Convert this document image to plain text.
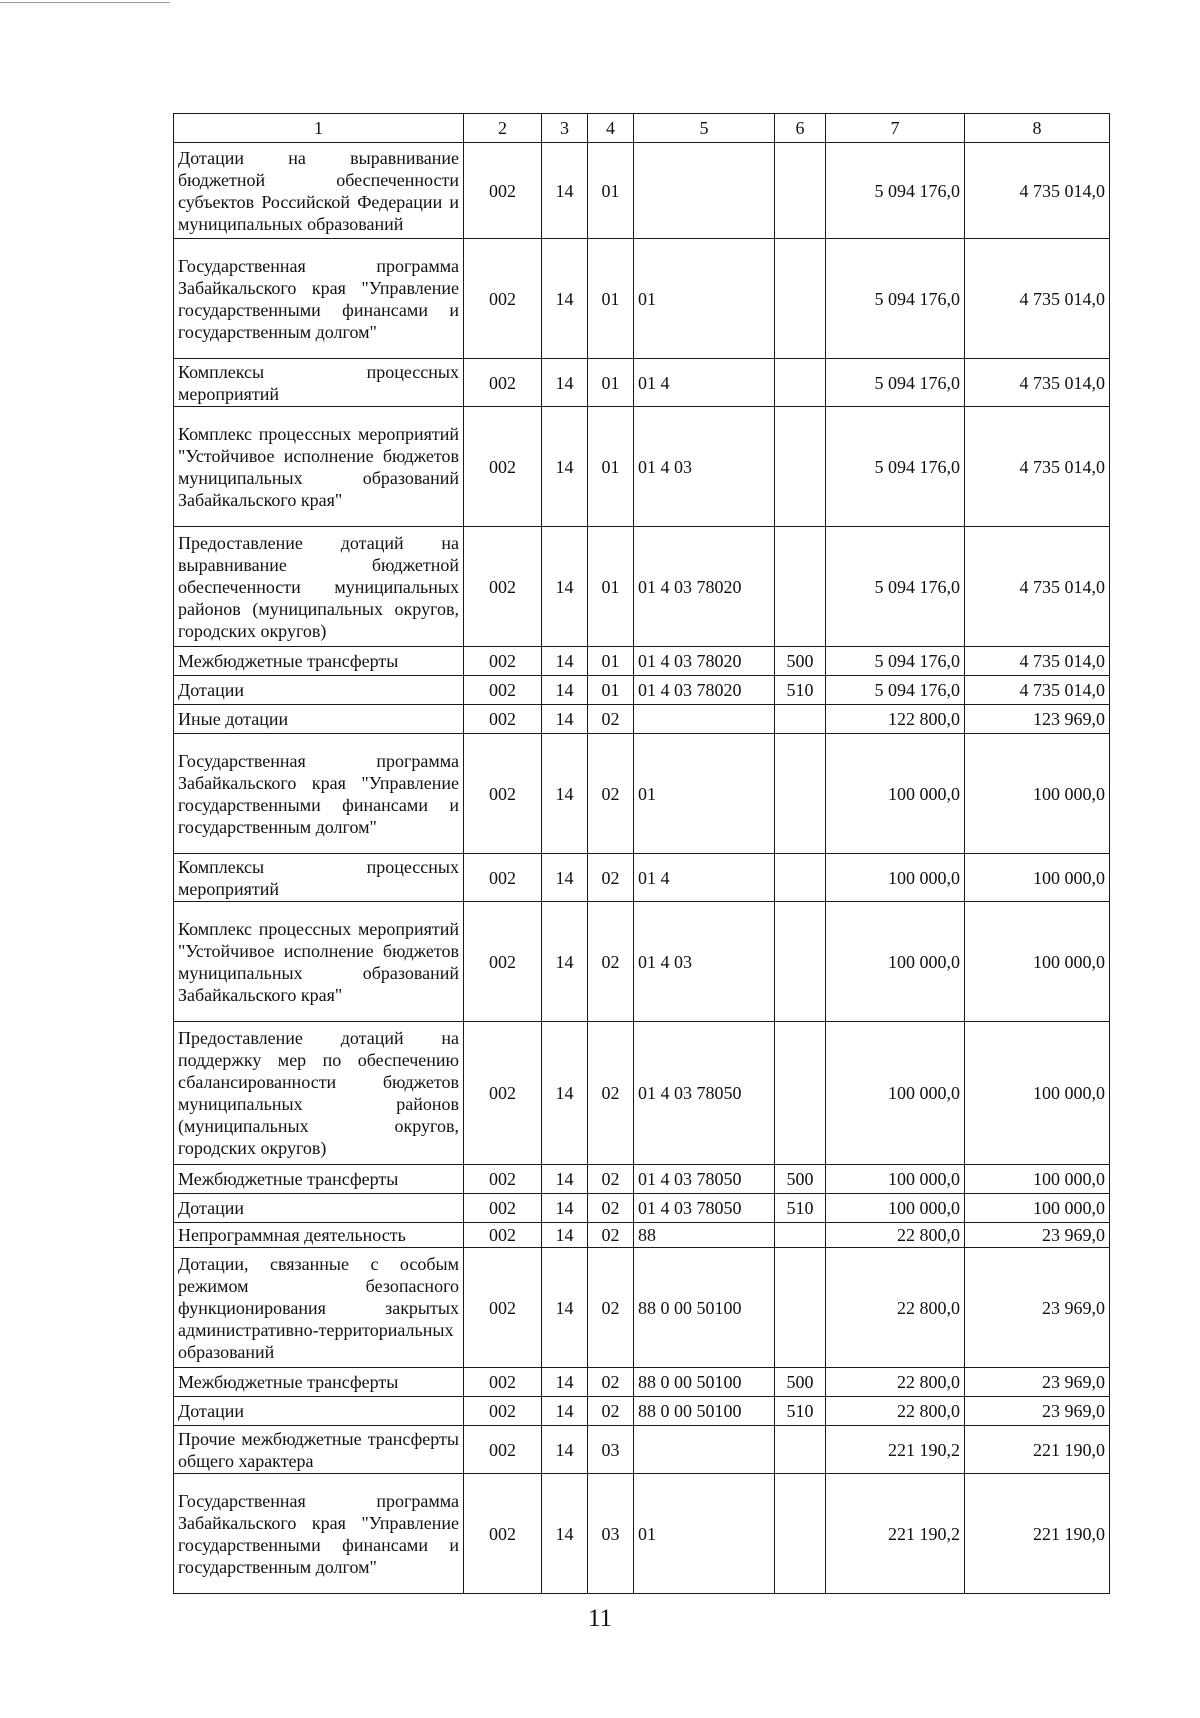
1	2	3	4	5	6	7	8
Дотации на выравнивание бюджетной обеспеченности субъектов Российской Федерации и муниципальных образований	002	14	01			5 094 176,0	4 735 014,0
Государственная программа Забайкальского края "Управление государственными финансами и государственным долгом"	002	14	01	01		5 094 176,0	4 735 014,0
Комплексы процессных мероприятий	002	14	01	01 4		5 094 176,0	4 735 014,0
Комплекс процессных мероприятий "Устойчивое исполнение бюджетов муниципальных образований Забайкальского края"	002	14	01	01 4 03		5 094 176,0	4 735 014,0
Предоставление дотаций на выравнивание бюджетной обеспеченности муниципальных районов (муниципальных округов, городских округов)	002	14	01	01 4 03 78020		5 094 176,0	4 735 014,0
Межбюджетные трансферты	002	14	01	01 4 03 78020	500	5 094 176,0	4 735 014,0
Дотации	002	14	01	01 4 03 78020	510	5 094 176,0	4 735 014,0
Иные дотации	002	14	02			122 800,0	123 969,0
Государственная программа Забайкальского края "Управление государственными финансами и государственным долгом"	002	14	02	01		100 000,0	100 000,0
Комплексы процессных мероприятий	002	14	02	01 4		100 000,0	100 000,0
Комплекс процессных мероприятий "Устойчивое исполнение бюджетов муниципальных образований Забайкальского края"	002	14	02	01 4 03		100 000,0	100 000,0
Предоставление дотаций на поддержку мер по обеспечению сбалансированности бюджетов муниципальных районов (муниципальных округов, городских округов)	002	14	02	01 4 03 78050		100 000,0	100 000,0
Межбюджетные трансферты	002	14	02	01 4 03 78050	500	100 000,0	100 000,0
Дотации	002	14	02	01 4 03 78050	510	100 000,0	100 000,0
Непрограммная деятельность	002	14	02	88		22 800,0	23 969,0
Дотации, связанные с особым режимом безопасного функционирования закрытых административно-территориальных образований	002	14	02	88 0 00 50100		22 800,0	23 969,0
Межбюджетные трансферты	002	14	02	88 0 00 50100	500	22 800,0	23 969,0
Дотации	002	14	02	88 0 00 50100	510	22 800,0	23 969,0
Прочие межбюджетные трансферты общего характера	002	14	03			221 190,2	221 190,0
Государственная программа Забайкальского края "Управление государственными финансами и государственным долгом"	002	14	03	01		221 190,2	221 190,0
11
